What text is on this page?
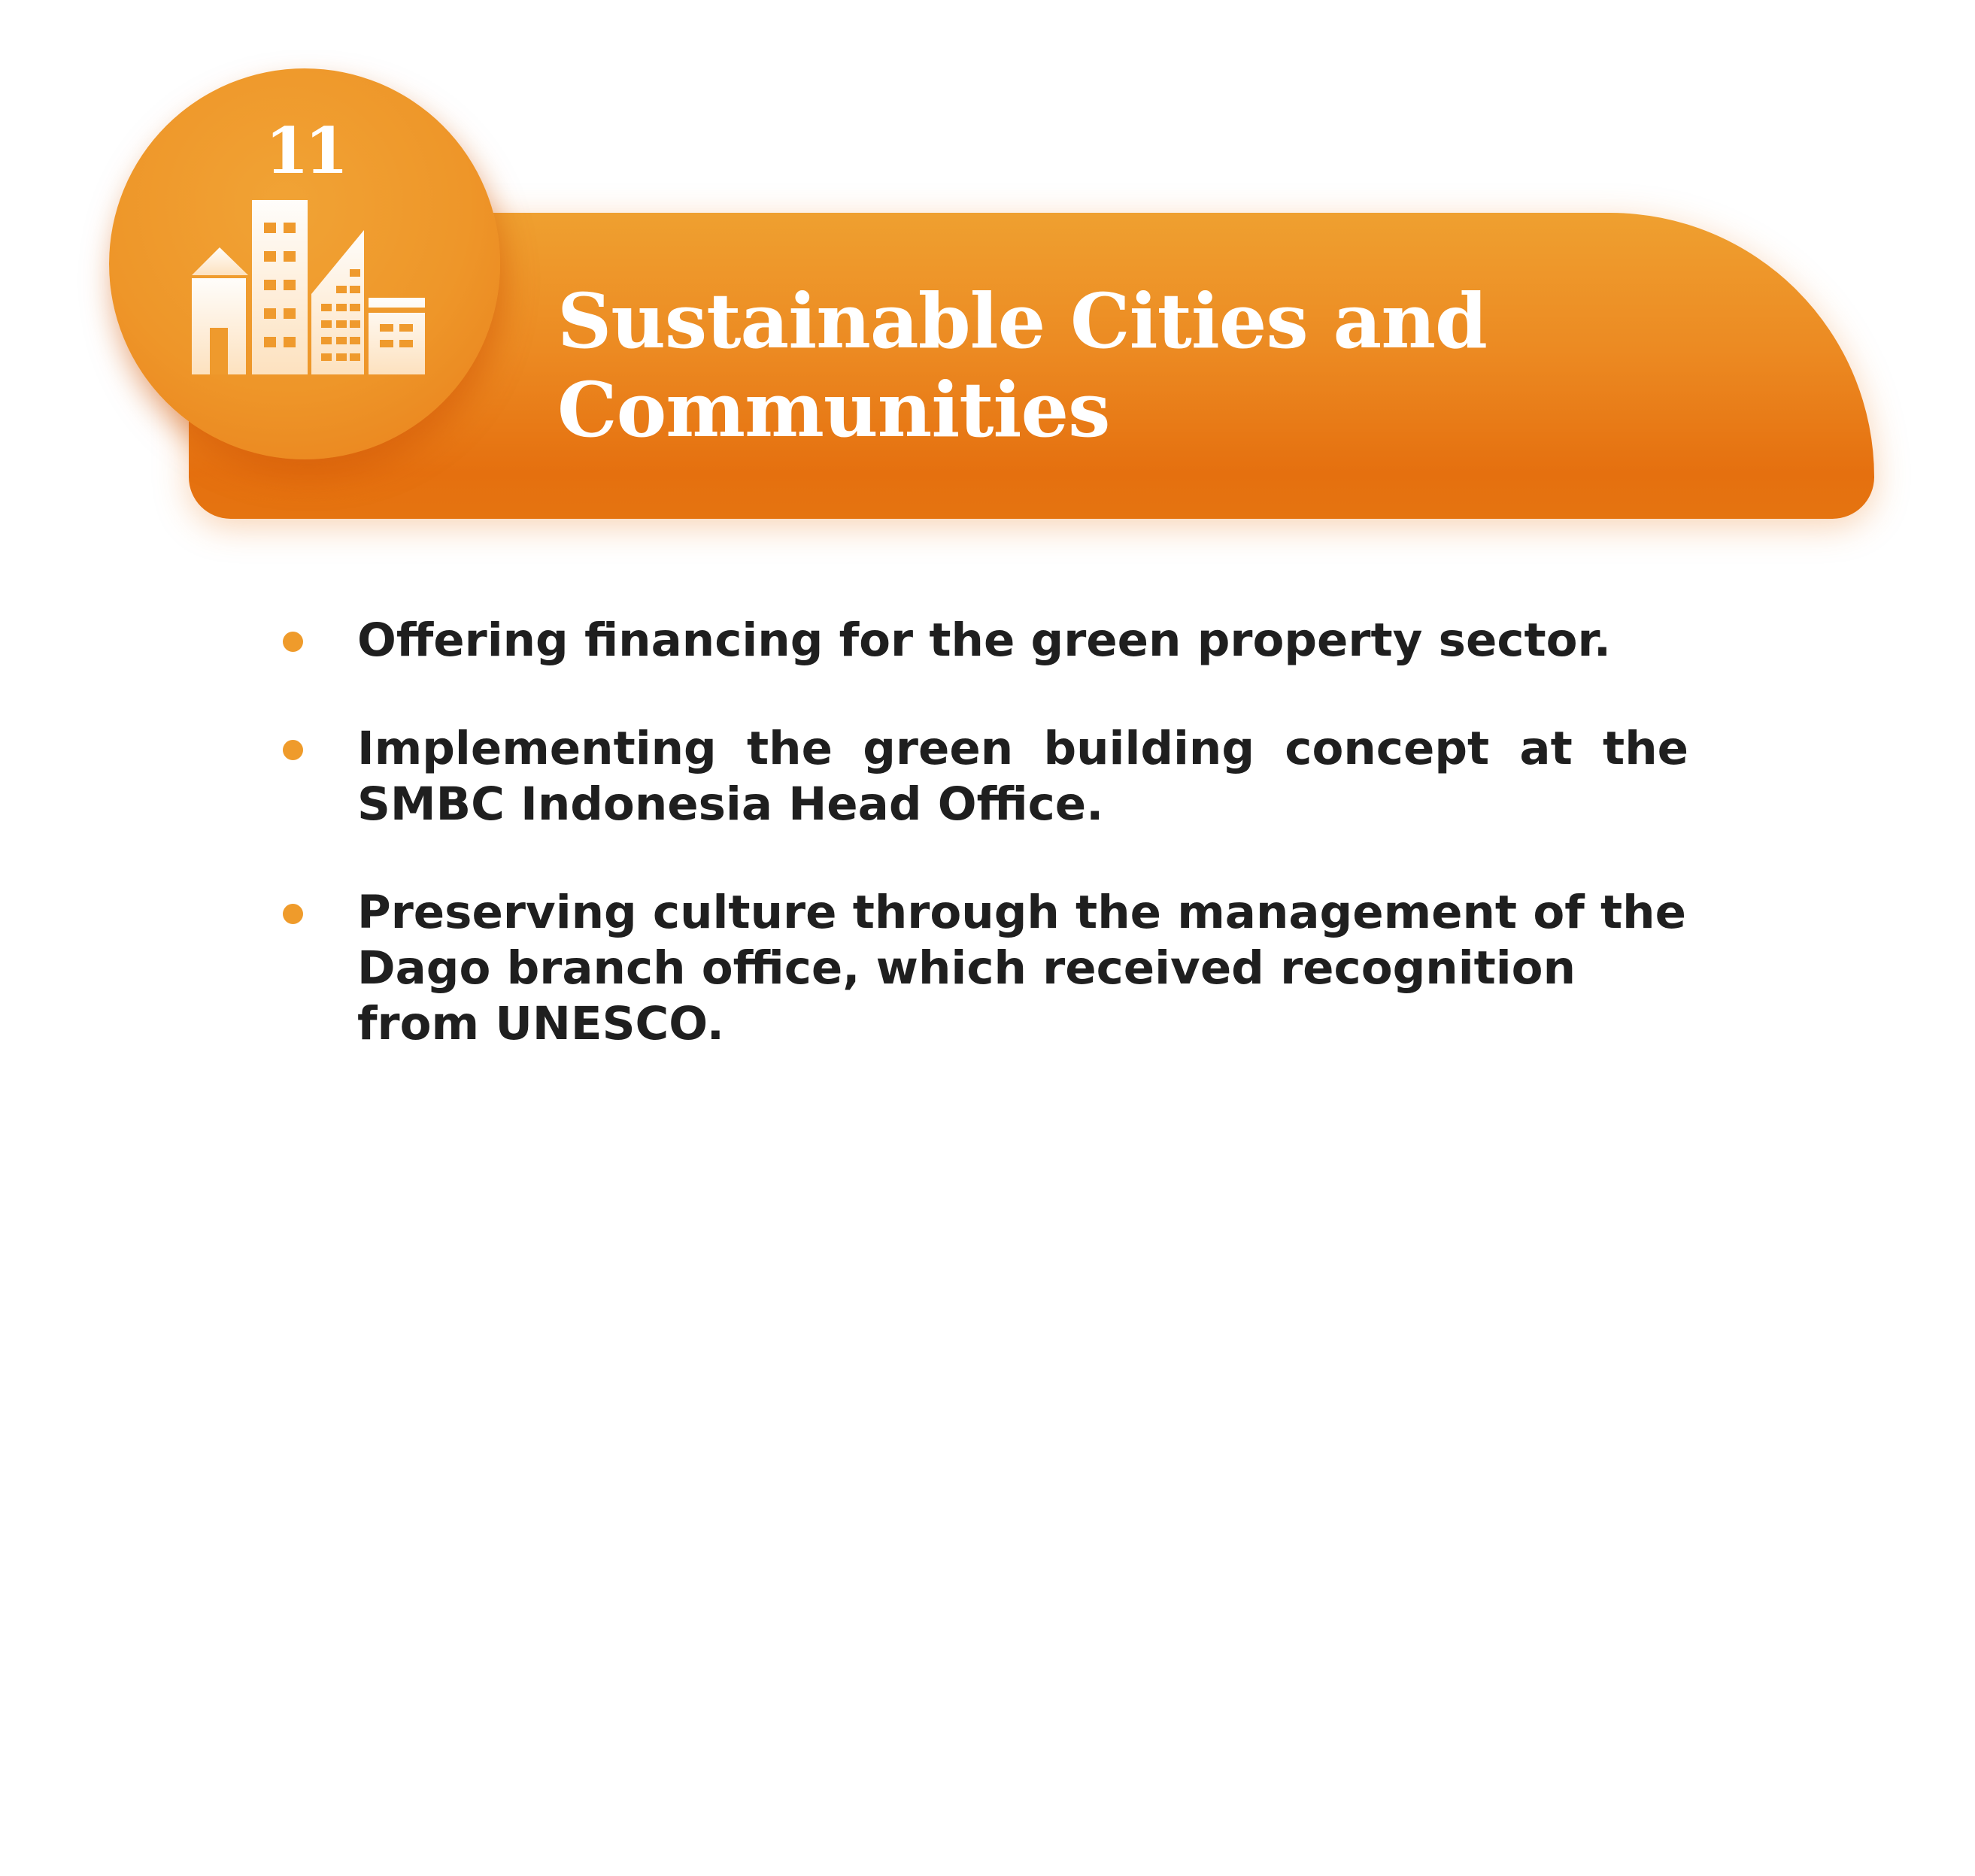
Sustainable Cities and
Communities
11
Offering financing for the green property sector.
Implementing the green building concept at the SMBC Indonesia Head Office.
Preserving culture through the management of the Dago branch office, which received recognition
from UNESCO.
